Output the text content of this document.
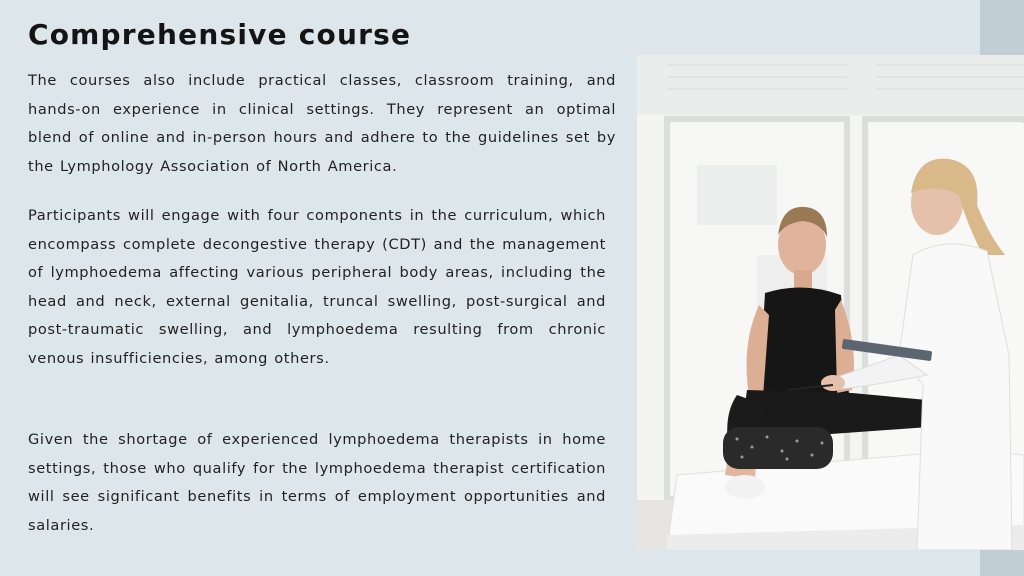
Comprehensive course

The courses also include practical classes, classroom training, and hands-on experience in clinical settings. They represent an optimal blend of online and in-person hours and adhere to the guidelines set by the Lymphology Association of North America.

Participants will engage with four components in the curriculum, which encompass complete decongestive therapy (CDT) and the management of lymphoedema affecting various peripheral body areas, including the head and neck, external genitalia, truncal swelling, post-surgical and post-traumatic swelling, and lymphoedema resulting from chronic venous insufficiencies, among others.

Given the shortage of experienced lymphoedema therapists in home settings, those who qualify for the lymphoedema therapist certification will see significant benefits in terms of employment opportunities and salaries.
